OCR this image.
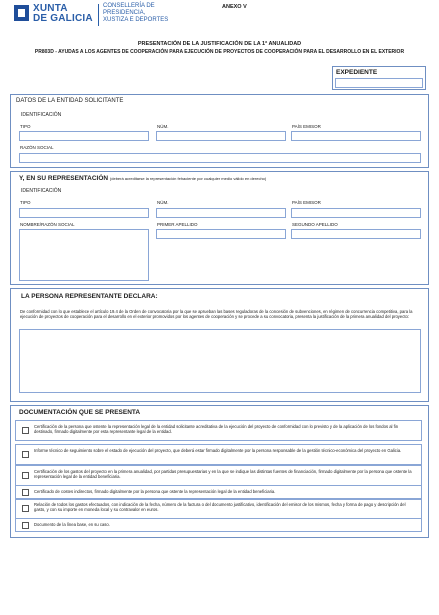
XUNTA
DE GALICIA
CONSELLERÍA DE
PRESIDENCIA,
XUSTIZA E DEPORTES
ANEXO V
PRESENTACIÓN DE LA JUSTIFICACIÓN DE LA 1ª ANUALIDAD
PR803D - AYUDAS A LOS AGENTES DE COOPERACIÓN PARA EJECUCIÓN DE PROYECTOS DE COOPERACIÓN PARA EL DESARROLLO EN EL EXTERIOR
EXPEDIENTE
DATOS DE LA ENTIDAD SOLICITANTE
IDENTIFICACIÓN
TIPO	NÚM.	PAÍS EMISOR
RAZÓN SOCIAL
Y, EN SU REPRESENTACIÓN (deberá acreditarse la representación fehaciente por cualquier medio válido en derecho)
IDENTIFICACIÓN
TIPO	NÚM.	PAÍS EMISOR
NOMBRE/RAZÓN SOCIAL	PRIMER APELLIDO	SEGUNDO APELLIDO
LA PERSONA REPRESENTANTE DECLARA:
De conformidad con lo que establece el artículo 19.4 de la Orden de convocatoria por la que se aprueban las bases reguladoras de la concesión de subvenciones, en régimen de concurrencia competitiva, para la ejecución de proyectos de cooperación para el desarrollo en el exterior promovidos por los agentes de cooperación y se procede a su convocatoria, presenta la justificación de la primera anualidad del proyecto:
DOCUMENTACIÓN QUE SE PRESENTA
Certificación de la persona que ostente la representación legal de la entidad solicitante acreditativa de la ejecución del proyecto de conformidad con lo previsto y de la aplicación de los fondos al fin destinado, firmado digitalmente por esta representante legal de la entidad.
Informe técnico de seguimiento sobre el estado de ejecución del proyecto, que deberá estar firmado digitalmente por la persona responsable de la gestión técnico-económica del proyecto en Galicia.
Certificación de los gastos del proyecto en la primera anualidad, por partidas presupuestarias y en la que se indique las distintas fuentes de financiación, firmado digitalmente por la persona que ostente la representación legal de la entidad beneficiaria.
Certificado de costes indirectos, firmado digitalmente por la persona que ostente la representación legal de la entidad beneficiaria.
Relación de todos los gastos efectuados, con indicación de la fecha, número de la factura o del documento justificativo, identificación del emisor de los mismos, fecha y forma de pago y descripción del gasto, y con su importe en moneda local y su contravalor en euros.
Documento de la línea base, en su caso.
